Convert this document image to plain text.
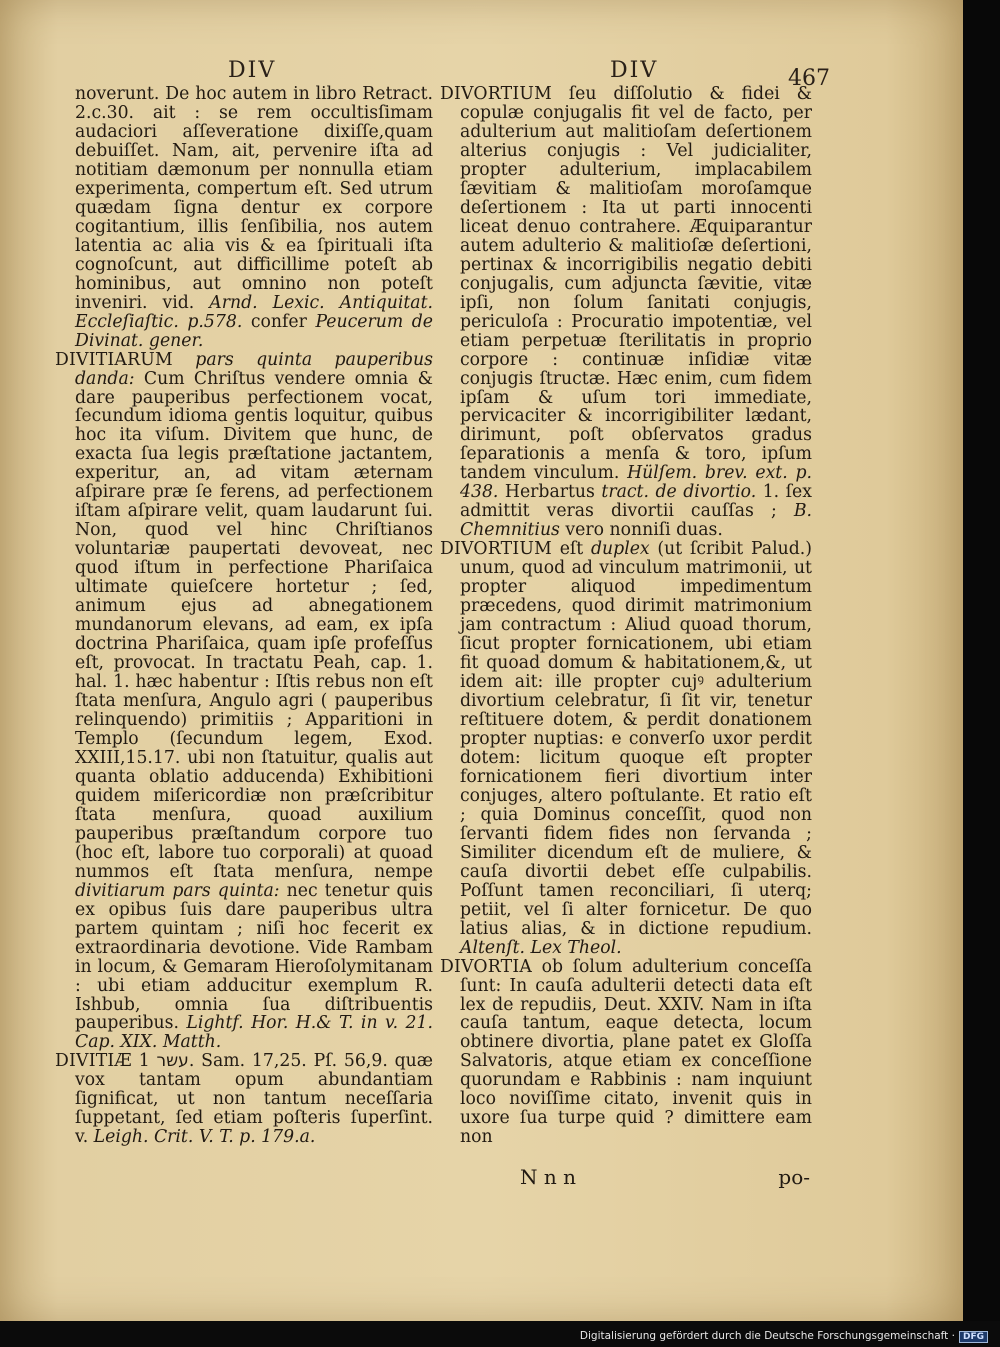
DIV	DIV	467

noverunt. De hoc autem in libro Retract. 2.c.30. ait : se rem occultisſimam audaciori aſſeveratione dixiſſe,quam debuiſſet. Nam, ait, pervenire iſta ad notitiam dæmonum per nonnulla etiam experimenta, compertum eſt. Sed utrum quædam ſigna dentur ex corpore cogitantium, illis ſenſibilia, nos autem latentia ac alia vis & ea ſpirituali iſta cognoſcunt, aut difficillime poteſt ab hominibus, aut omnino non poteſt inveniri. vid. Arnd. Lexic. Antiquitat. Eccleſiaſtic. p.578. confer Peucerum de Divinat. gener.

DIVITIARUM pars quinta pauperibus danda: Cum Chriſtus vendere omnia & dare pauperibus perfectionem vocat, ſecundum idioma gentis loquitur, quibus hoc ita viſum. Divitem que hunc, de exacta ſua legis præſtatione jactantem, experitur, an, ad vitam æternam aſpirare præ ſe ferens, ad perfectionem iſtam aſpirare velit, quam laudarunt ſui. Non, quod vel hinc Chriſtianos voluntariæ paupertati devoveat, nec quod iſtum in perfectione Phariſaica ultimate quieſcere hortetur ; ſed, animum ejus ad abnegationem mundanorum elevans, ad eam, ex ipſa doctrina Phariſaica, quam ipſe profeſſus eſt, provocat. In tractatu Peah, cap. 1. hal. 1. hæc habentur : Iſtis rebus non eſt ſtata menſura, Angulo agri ( pauperibus relinquendo) primitiis ; Apparitioni in Templo (ſecundum legem, Exod. XXIII,15.17. ubi non ſtatuitur, qualis aut quanta oblatio adducenda) Exhibitioni quidem miſericordiæ non præſcribitur ſtata menſura, quoad auxilium pauperibus præſtandum corpore tuo (hoc eſt, labore tuo corporali) at quoad nummos eſt ſtata menſura, nempe divitiarum pars quinta: nec tenetur quis ex opibus ſuis dare pauperibus ultra partem quintam ; niſi hoc fecerit ex extraordinaria devotione. Vide Rambam in locum, & Gemaram Hieroſolymitanam : ubi etiam adducitur exemplum R. Ishbub, omnia ſua diſtribuentis pauperibus. Lightf. Hor. H.& T. in v. 21. Cap. XIX. Matth.

DIVITIÆ עשר 1. Sam. 17,25. Pſ. 56,9. quæ vox tantam opum abundantiam ſignificat, ut non tantum neceſſaria ſuppetant, ſed etiam poſteris ſuperſint. v. Leigh. Crit. V. T. p. 179.a.

DIVORTIUM ſeu diſſolutio & fidei & copulæ conjugalis fit vel de facto, per adulterium aut malitioſam deſertionem alterius conjugis : Vel judicialiter, propter adulterium, implacabilem ſævitiam & malitioſam moroſamque deſertionem : Ita ut parti innocenti liceat denuo contrahere. Æquiparantur autem adulterio & malitioſæ deſertioni, pertinax & incorrigibilis negatio debiti conjugalis, cum adjuncta ſævitie, vitæ ipſi, non ſolum ſanitati conjugis, periculoſa : Procuratio impotentiæ, vel etiam perpetuæ ſterilitatis in proprio corpore : continuæ inſidiæ vitæ conjugis ſtructæ. Hæc enim, cum fidem ipſam & uſum tori immediate, pervicaciter & incorrigibiliter lædant, dirimunt, poſt obſervatos gradus ſeparationis a menſa & toro, ipſum tandem vinculum. Hülſem. brev. ext. p. 438. Herbartus tract. de divortio. 1. ſex admittit veras divortii cauſſas ; B. Chemnitius vero nonniſi duas.

DIVORTIUM eſt duplex (ut ſcribit Palud.) unum, quod ad vinculum matrimonii, ut propter aliquod impedimentum præcedens, quod dirimit matrimonium jam contractum : Aliud quoad thorum, ſicut propter fornicationem, ubi etiam fit quoad domum & habitationem,&, ut idem ait: ille propter cujꝰ adulterium divortium celebratur, ſi ſit vir, tenetur reſtituere dotem, & perdit donationem propter nuptias: e converſo uxor perdit dotem: licitum quoque eſt propter fornicationem fieri divortium inter conjuges, altero poſtulante. Et ratio eſt ; quia Dominus conceſſit, quod non ſervanti fidem fides non ſervanda ; Similiter dicendum eſt de muliere, & cauſa divortii debet eſſe culpabilis. Poſſunt tamen reconciliari, ſi uterq; petiit, vel ſi alter fornicetur. De quo latius alias, & in dictione repudium. Altenſt. Lex Theol.

DIVORTIA ob ſolum adulterium conceſſa ſunt: In cauſa adulterii detecti data eſt lex de repudiis, Deut. XXIV. Nam in iſta cauſa tantum, eaque detecta, locum obtinere divortia, plane patet ex Gloſſa Salvatoris, atque etiam ex conceſſione quorundam e Rabbinis : nam inquiunt loco noviſſime citato, invenit quis in uxore ſua turpe quid ? dimittere eam non

N n n	po-
Digitalisierung gefördert durch die Deutsche Forschungsgemeinschaft · DFG
